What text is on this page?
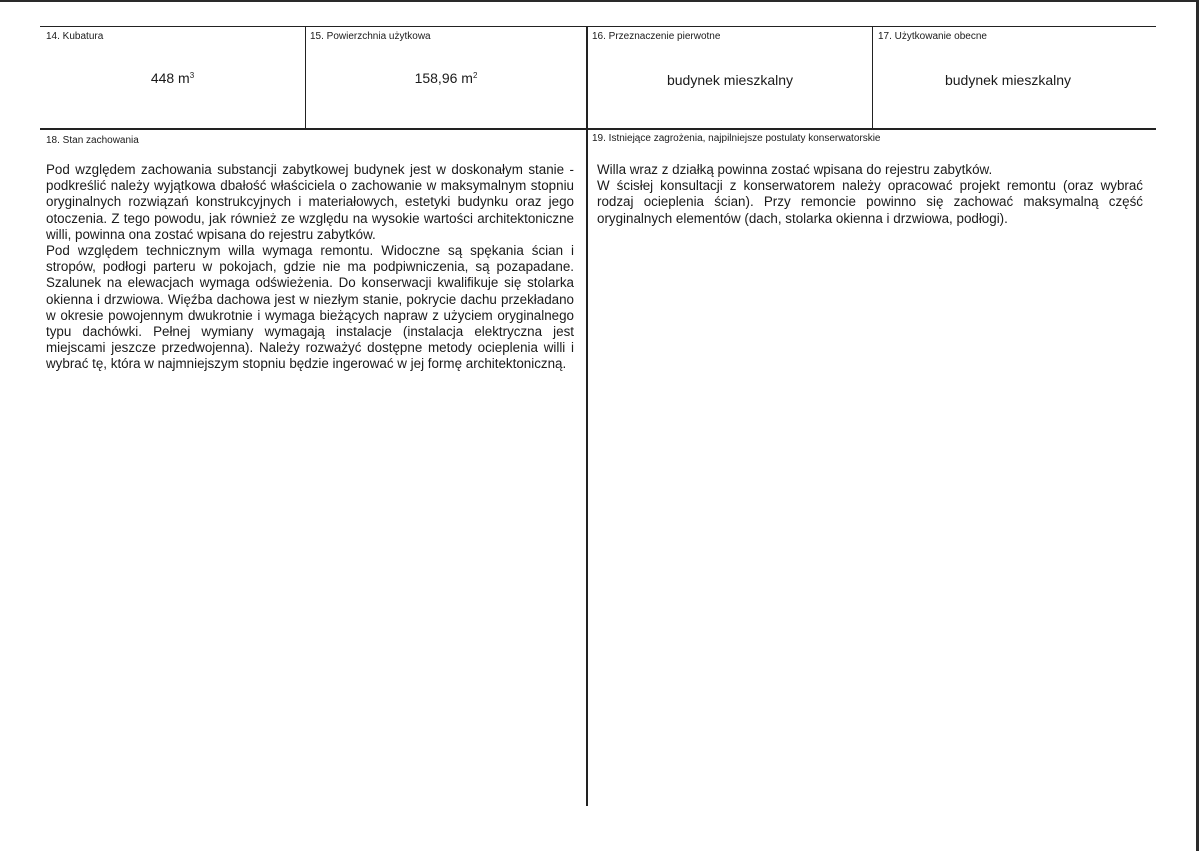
14. Kubatura
448 $m^3$
15. Powierzchnia użytkowa
158,96 $m^2$
16. Przeznaczenie pierwotne
budynek mieszkalny
17. Użytkowanie obecne
budynek mieszkalny
18. Stan zachowania	19. Istniejące zagrożenia, najpilniejsze postulaty konserwatorskie

Pod względem zachowania substancji zabytkowej budynek jest w doskonałym stanie - podkreślić należy wyjątkowa dbałość właściciela o zachowanie w maksymalnym stopniu oryginalnych rozwiązań konstrukcyjnych i materiałowych, estetyki budynku oraz jego otoczenia. Z tego powodu, jak również ze względu na wysokie wartości architektoniczne willi, powinna ona zostać wpisana do rejestru zabytków.

Pod względem technicznym willa wymaga remontu. Widoczne są spękania ścian i stropów, podłogi parteru w pokojach, gdzie nie ma podpiwniczenia, są pozapadane. Szalunek na elewacjach wymaga odświeżenia. Do konserwacji kwalifikuje się stolarka okienna i drzwiowa. Więźba dachowa jest w niezłym stanie, pokrycie dachu przekładano w okresie powojennym dwukrotnie i wymaga bieżących napraw z użyciem oryginalnego typu dachówki. Pełnej wymiany wymagają instalacje (instalacja elektryczna jest miejscami jeszcze przedwojenna). Należy rozważyć dostępne metody ocieplenia willi i wybrać tę, która w najmniejszym stopniu będzie ingerować w jej formę architektoniczną.

Willa wraz z działką powinna zostać wpisana do rejestru zabytków.

W ścisłej konsultacji z konserwatorem należy opracować projekt remontu (oraz wybrać rodzaj ocieplenia ścian). Przy remoncie powinno się zachować maksymalną część oryginalnych elementów (dach, stolarka okienna i drzwiowa, podłogi).
